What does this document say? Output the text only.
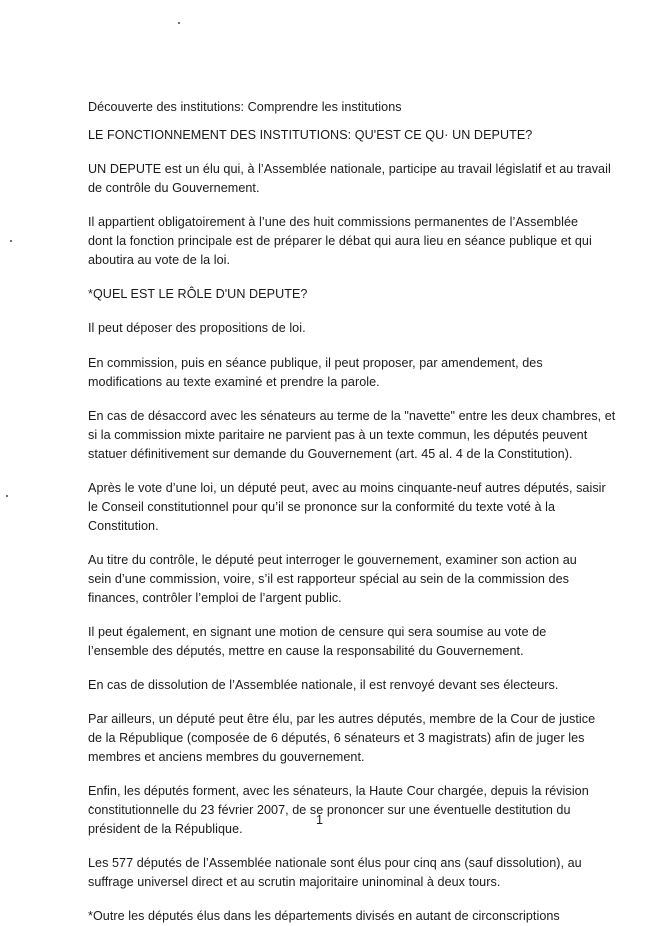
Découverte des institutions: Comprendre les institutions
LE FONCTIONNEMENT DES INSTITUTIONS: QU'EST CE QU· UN DEPUTE?
UN DEPUTE est un élu qui, à l’Assemblée nationale, participe au travail législatif et au travail
de contrôle du Gouvernement.
Il appartient obligatoirement à l’une des huit commissions permanentes de l’Assemblée
dont la fonction principale est de préparer le débat qui aura lieu en séance publique et qui
aboutira au vote de la loi.
*QUEL EST LE RÔLE D'UN DEPUTE?
Il peut déposer des propositions de loi.
En commission, puis en séance publique, il peut proposer, par amendement, des
modifications au texte examiné et prendre la parole.
En cas de désaccord avec les sénateurs au terme de la "navette" entre les deux chambres, et
si la commission mixte paritaire ne parvient pas à un texte commun, les députés peuvent
statuer définitivement sur demande du Gouvernement (art. 45 al. 4 de la Constitution).
Après le vote d’une loi, un député peut, avec au moins cinquante-neuf autres députés, saisir
le Conseil constitutionnel pour qu’il se prononce sur la conformité du texte voté à la
Constitution.
Au titre du contrôle, le député peut interroger le gouvernement, examiner son action au
sein d’une commission, voire, s’il est rapporteur spécial au sein de la commission des
finances, contrôler l’emploi de l’argent public.
Il peut également, en signant une motion de censure qui sera soumise au vote de
l’ensemble des députés, mettre en cause la responsabilité du Gouvernement.
En cas de dissolution de l’Assemblée nationale, il est renvoyé devant ses électeurs.
Par ailleurs, un député peut être élu, par les autres députés, membre de la Cour de justice
de la République (composée de 6 députés, 6 sénateurs et 3 magistrats) afin de juger les
membres et anciens membres du gouvernement.
Enfin, les députés forment, avec les sénateurs, la Haute Cour chargée, depuis la révision
constitutionnelle du 23 février 2007, de se prononcer sur une éventuelle destitution du
président de la République.
Les 577 députés de l’Assemblée nationale sont élus pour cinq ans (sauf dissolution), au
suffrage universel direct et au scrutin majoritaire uninominal à deux tours.
*Outre les députés élus dans les départements divisés en autant de circonscriptions
1
